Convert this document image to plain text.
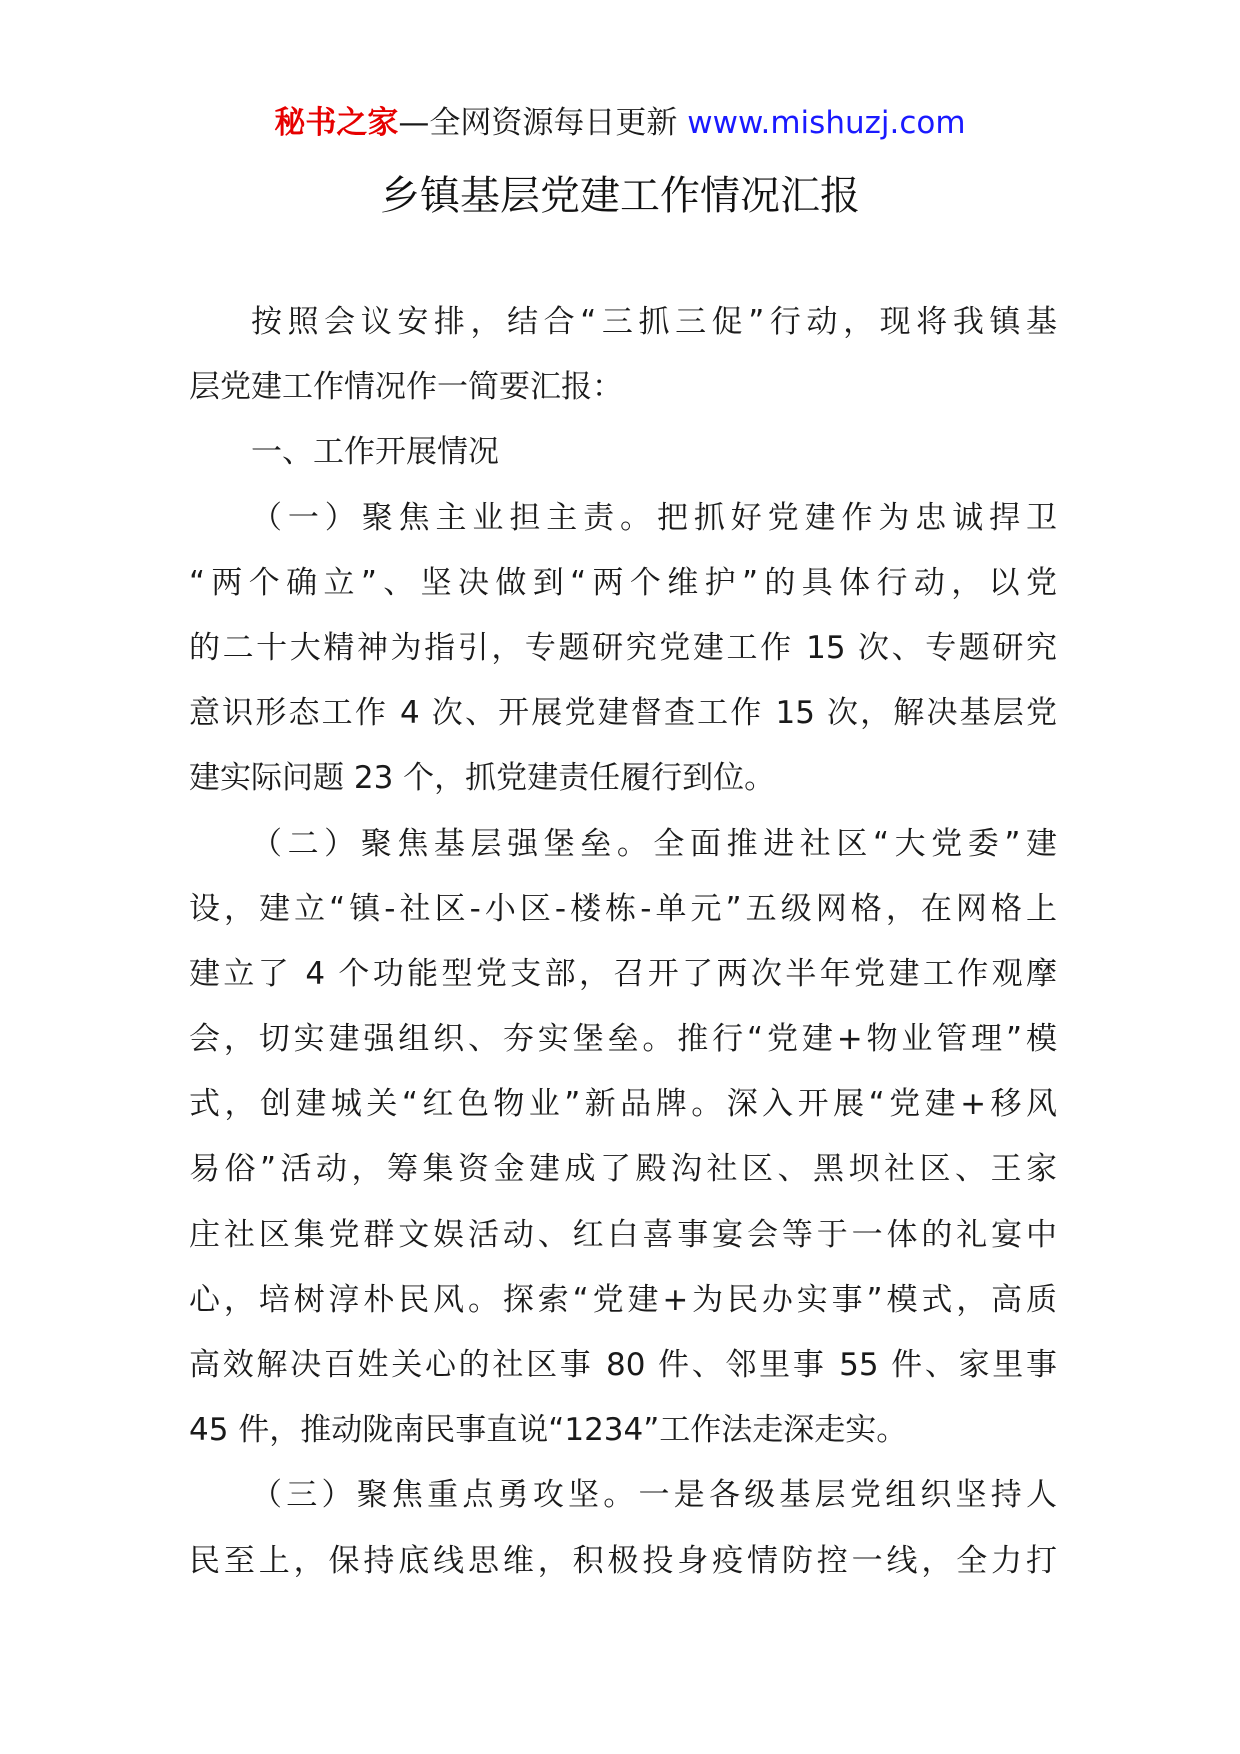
秘书之家—全网资源每日更新 www.mishuzj.com
乡镇基层党建工作情况汇报
按照会议安排，结合“三抓三促”行动，现将我镇基
层党建工作情况作一简要汇报：
一、工作开展情况
（一）聚焦主业担主责。把抓好党建作为忠诚捍卫
“两个确立”、坚决做到“两个维护”的具体行动，以党
的二十大精神为指引，专题研究党建工作 15 次、专题研究
意识形态工作 4 次、开展党建督查工作 15 次，解决基层党
建实际问题 23 个，抓党建责任履行到位。
（二）聚焦基层强堡垒。全面推进社区“大党委”建
设，建立“镇-社区-小区-楼栋-单元”五级网格，在网格上
建立了 4 个功能型党支部，召开了两次半年党建工作观摩
会，切实建强组织、夯实堡垒。推行“党建+物业管理”模
式，创建城关“红色物业”新品牌。深入开展“党建+移风
易俗”活动，筹集资金建成了殿沟社区、黑坝社区、王家
庄社区集党群文娱活动、红白喜事宴会等于一体的礼宴中
心，培树淳朴民风。探索“党建+为民办实事”模式，高质
高效解决百姓关心的社区事 80 件、邻里事 55 件、家里事
45 件，推动陇南民事直说“1234”工作法走深走实。
（三）聚焦重点勇攻坚。一是各级基层党组织坚持人
民至上，保持底线思维，积极投身疫情防控一线，全力打
